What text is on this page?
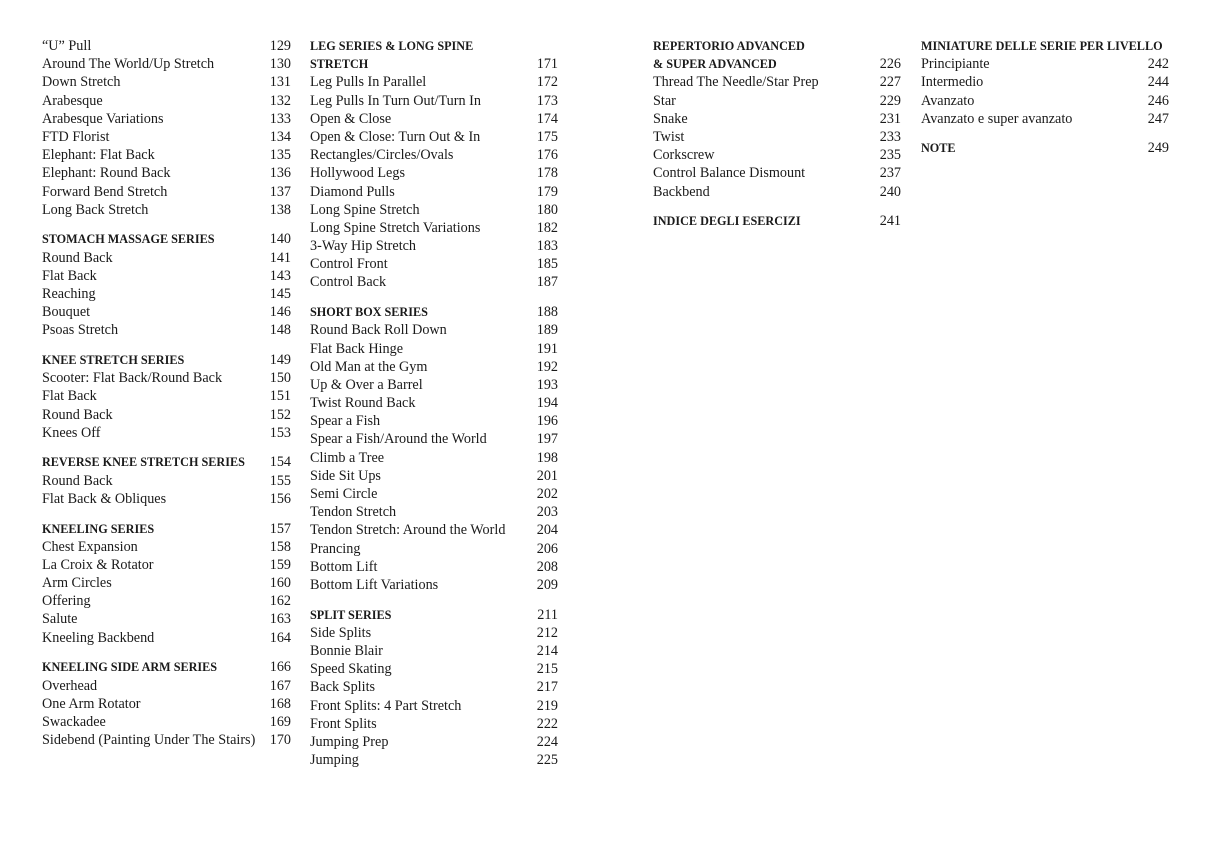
“U” Pull	129
Around The World/Up Stretch	130
Down Stretch	131
Arabesque	132
Arabesque Variations	133
FTD Florist	134
Elephant: Flat Back	135
Elephant: Round Back	136
Forward Bend Stretch	137
Long Back Stretch	138
STOMACH MASSAGE SERIES	140
Round Back	141
Flat Back	143
Reaching	145
Bouquet	146
Psoas Stretch	148
KNEE STRETCH SERIES	149
Scooter: Flat Back/Round Back	150
Flat Back	151
Round Back	152
Knees Off	153
REVERSE KNEE STRETCH SERIES 154
Round Back	155
Flat Back & Obliques	156
KNEELING SERIES	157
Chest Expansion	158
La Croix & Rotator	159
Arm Circles	160
Offering	162
Salute	163
Kneeling Backbend	164
KNEELING SIDE ARM SERIES	166
Overhead	167
One Arm Rotator	168
Swackadee	169
Sidebend (Painting Under The Stairs) 170
LEG SERIES & LONG SPINE
STRETCH	171
Leg Pulls In Parallel	172
Leg Pulls In Turn Out/Turn In	173
Open & Close	174
Open & Close: Turn Out & In	175
Rectangles/Circles/Ovals	176
Hollywood Legs	178
Diamond Pulls	179
Long Spine Stretch	180
Long Spine Stretch Variations	182
3-Way Hip Stretch	183
Control Front	185
Control Back	187
SHORT BOX SERIES	188
Round Back Roll Down	189
Flat Back Hinge	191
Old Man at the Gym	192
Up & Over a Barrel	193
Twist Round Back	194
Spear a Fish	196
Spear a Fish/Around the World	197
Climb a Tree	198
Side Sit Ups	201
Semi Circle	202
Tendon Stretch	203
Tendon Stretch: Around the World 204
Prancing	206
Bottom Lift	208
Bottom Lift Variations	209
SPLIT SERIES	211
Side Splits	212
Bonnie Blair	214
Speed Skating	215
Back Splits	217
Front Splits: 4 Part Stretch	219
Front Splits	222
Jumping Prep	224
Jumping	225
REPERTORIO ADVANCED
& SUPER ADVANCED	226
Thread The Needle/Star Prep	227
Star	229
Snake	231
Twist	233
Corkscrew	235
Control Balance Dismount	237
Backbend	240
INDICE DEGLI ESERCIZI	241
MINIATURE DELLE SERIE PER LIVELLO
Principiante	242
Intermedio	244
Avanzato	246
Avanzato e super avanzato	247
NOTE	249
